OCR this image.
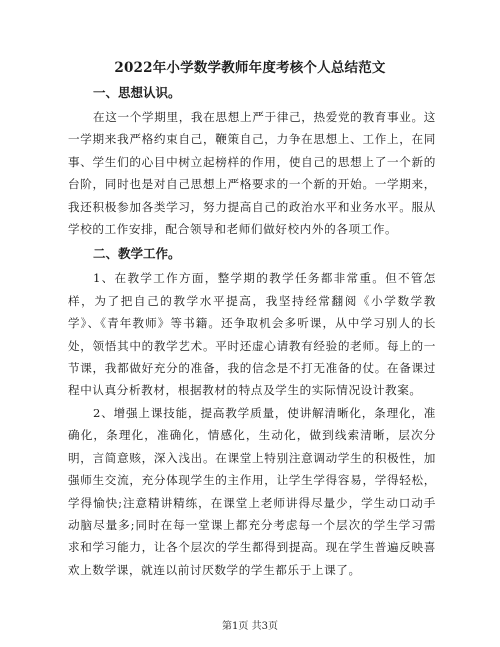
2022年小学数学教师年度考核个人总结范文

一、思想认识。

在这一个学期里，我在思想上严于律己，热爱党的教育事业。这一学期来我严格约束自己，鞭策自己，力争在思想上、工作上，在同事、学生们的心目中树立起榜样的作用，使自己的思想上了一个新的台阶，同时也是对自己思想上严格要求的一个新的开始。一学期来，我还积极参加各类学习，努力提高自己的政治水平和业务水平。服从学校的工作安排，配合领导和老师们做好校内外的各项工作。

二、教学工作。

1、在教学工作方面，整学期的教学任务都非常重。但不管怎样，为了把自己的教学水平提高，我坚持经常翻阅《小学数学教学》、《青年教师》等书籍。还争取机会多听课，从中学习别人的长处，领悟其中的教学艺术。平时还虚心请教有经验的老师。每上的一节课，我都做好充分的准备，我的信念是不打无准备的仗。在备课过程中认真分析教材，根据教材的特点及学生的实际情况设计教案。

2、增强上课技能，提高教学质量，使讲解清晰化，条理化，准确化，条理化，准确化，情感化，生动化，做到线索清晰，层次分明，言简意赅，深入浅出。在课堂上特别注意调动学生的积极性，加强师生交流，充分体现学生的主作用，让学生学得容易，学得轻松，学得愉快;注意精讲精练，在课堂上老师讲得尽量少，学生动口动手动脑尽量多;同时在每一堂课上都充分考虑每一个层次的学生学习需求和学习能力，让各个层次的学生都得到提高。现在学生普遍反映喜欢上数学课，就连以前讨厌数学的学生都乐于上课了。

第1页 共3页
